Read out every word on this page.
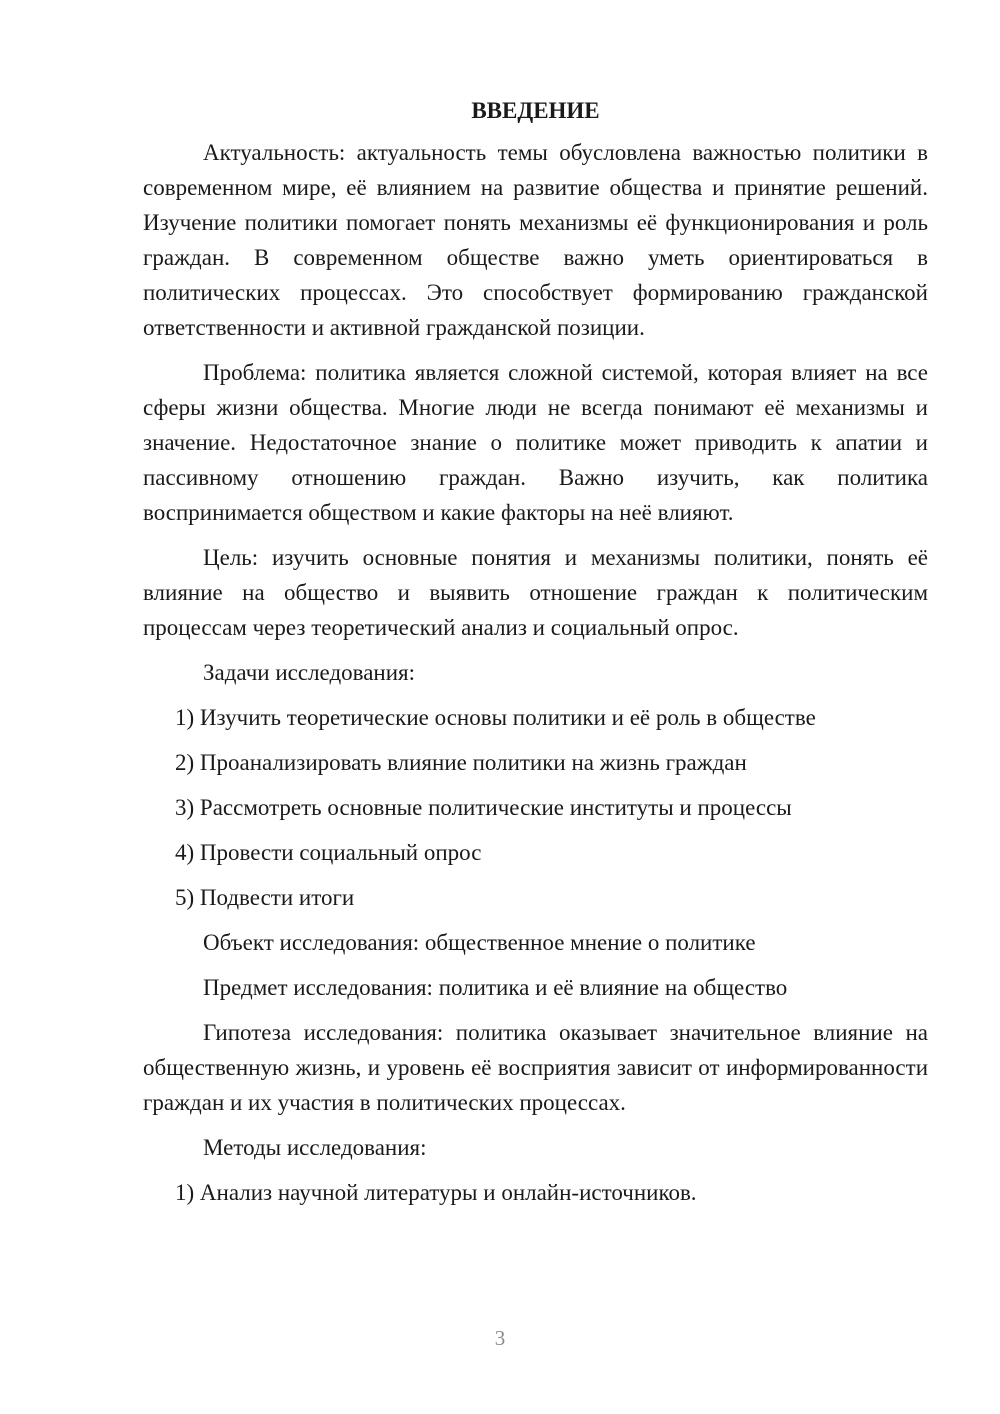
ВВЕДЕНИЕ

Актуальность: актуальность темы обусловлена важностью политики в современном мире, её влиянием на развитие общества и принятие решений. Изучение политики помогает понять механизмы её функционирования и роль граждан. В современном обществе важно уметь ориентироваться в политических процессах. Это способствует формированию гражданской ответственности и активной гражданской позиции.

Проблема: политика является сложной системой, которая влияет на все сферы жизни общества. Многие люди не всегда понимают её механизмы и значение. Недостаточное знание о политике может приводить к апатии и пассивному отношению граждан. Важно изучить, как политика воспринимается обществом и какие факторы на неё влияют.

Цель: изучить основные понятия и механизмы политики, понять её влияние на общество и выявить отношение граждан к политическим процессам через теоретический анализ и социальный опрос.

Задачи исследования:
1) Изучить теоретические основы политики и её роль в обществе
2) Проанализировать влияние политики на жизнь граждан
3) Рассмотреть основные политические институты и процессы
4) Провести социальный опрос
5) Подвести итоги
Объект исследования: общественное мнение о политике
Предмет исследования: политика и её влияние на общество

Гипотеза исследования: политика оказывает значительное влияние на общественную жизнь, и уровень её восприятия зависит от информированности граждан и их участия в политических процессах.

Методы исследования:
1) Анализ научной литературы и онлайн-источников.
3
